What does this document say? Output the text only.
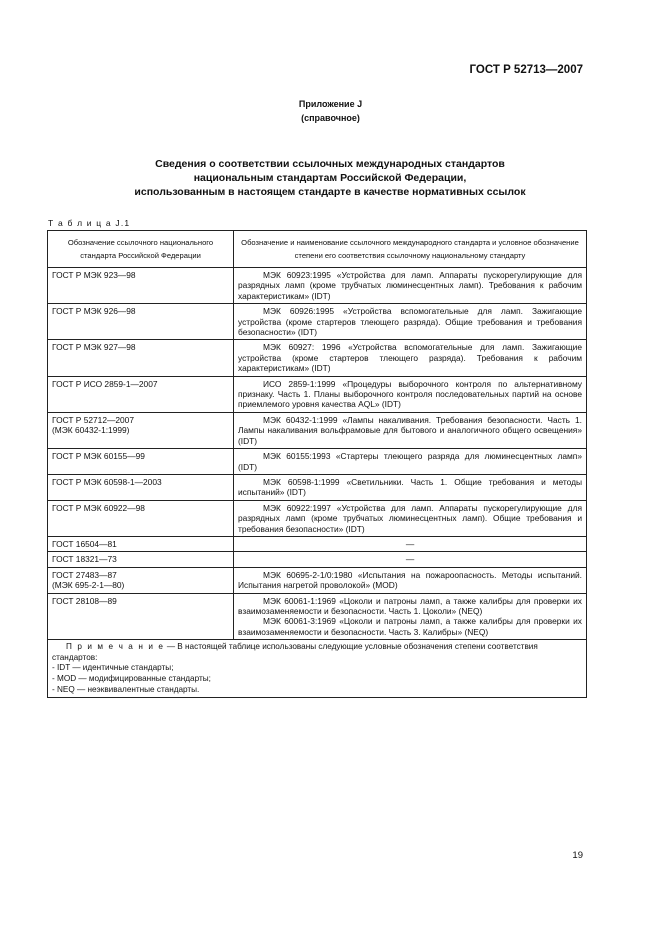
ГОСТ Р 52713—2007
Приложение J
(справочное)
Сведения о соответствии ссылочных международных стандартов
национальным стандартам Российской Федерации,
использованным в настоящем стандарте в качестве нормативных ссылок
Т а б л и ц а J.1
Обозначение ссылочного национального стандарта Российской Федерации	Обозначение и наименование ссылочного международного стандарта и условное обозначение степени его соответствия ссылочному национальному стандарту

ГОСТ Р МЭК 923—98	МЭК 60923:1995 «Устройства для ламп. Аппараты пускорегулирующие для разрядных ламп (кроме трубчатых люминесцентных ламп). Требования к рабочим характеристикам» (IDT)

ГОСТ Р МЭК 926—98	МЭК 60926:1995 «Устройства вспомогательные для ламп. Зажигающие устройства (кроме стартеров тлеющего разряда). Общие требования и требования безопасности» (IDT)

ГОСТ Р МЭК 927—98	МЭК 60927: 1996 «Устройства вспомогательные для ламп. Зажигающие устройства (кроме стартеров тлеющего разряда). Требования к рабочим характеристикам» (IDT)

ГОСТ Р ИСО 2859-1—2007	ИСО 2859-1:1999 «Процедуры выборочного контроля по альтернативному признаку. Часть 1. Планы выборочного контроля последовательных партий на основе приемлемого уровня качества AQL» (IDT)

ГОСТ Р 52712—2007
(МЭК 60432-1:1999)	МЭК 60432-1:1999 «Лампы накаливания. Требования безопасности. Часть 1. Лампы накаливания вольфрамовые для бытового и аналогичного общего освещения» (IDT)

ГОСТ Р МЭК 60155—99	МЭК 60155:1993 «Стартеры тлеющего разряда для люминесцентных ламп» (IDT)

ГОСТ Р МЭК 60598-1—2003	МЭК 60598-1:1999 «Светильники. Часть 1. Общие требования и методы испытаний» (IDT)

ГОСТ Р МЭК 60922—98	МЭК 60922:1997 «Устройства для ламп. Аппараты пускорегулирующие для разрядных ламп (кроме трубчатых люминесцентных ламп). Общие требования и требования безопасности» (IDT)

ГОСТ 16504—81	—

ГОСТ 18321—73	—

ГОСТ 27483—87
(МЭК 695-2-1—80)	МЭК 60695-2-1/0:1980 «Испытания на пожароопасность. Методы испытаний. Испытания нагретой проволокой» (MOD)

ГОСТ 28108—89	МЭК 60061-1:1969 «Цоколи и патроны ламп, а также калибры для проверки их взаимозаменяемости и безопасности. Часть 1. Цоколи» (NEQ)
МЭК 60061-3:1969 «Цоколи и патроны ламп, а также калибры для проверки их взаимозаменяемости и безопасности. Часть 3. Калибры» (NEQ)

П р и м е ч а н и е — В настоящей таблице использованы следующие условные обозначения степени соответствия стандартов:
- IDT — идентичные стандарты;
- MOD — модифицированные стандарты;
- NEQ — неэквивалентные стандарты.	
19
